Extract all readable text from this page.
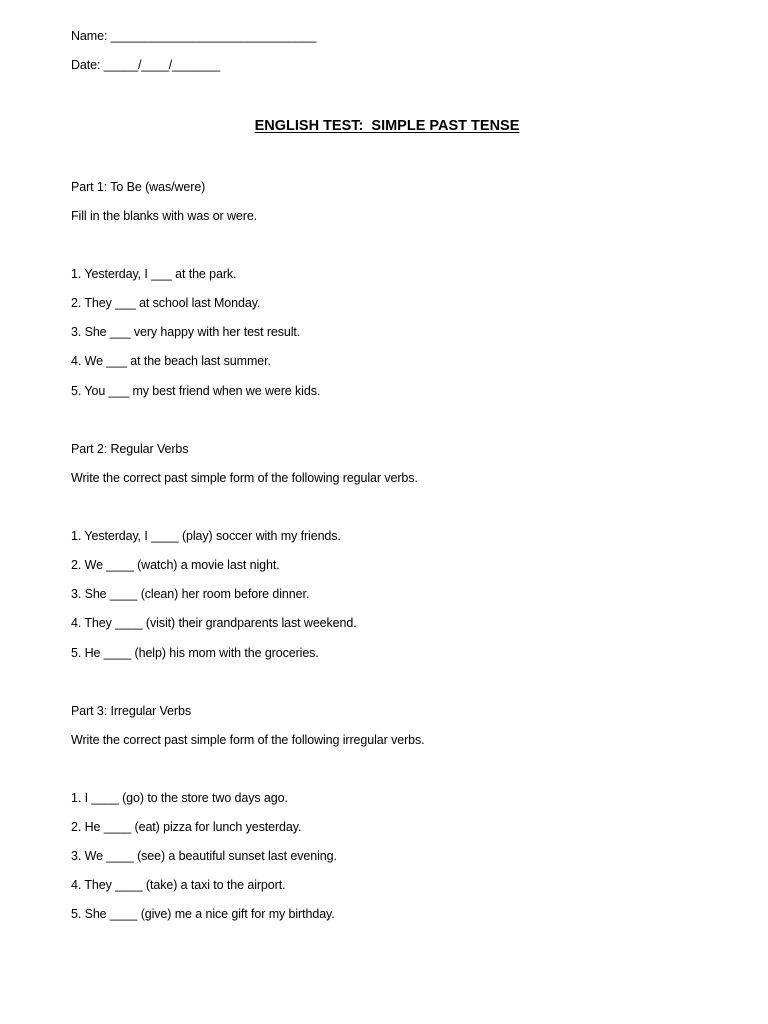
Name: ______________________________
Date: _____/____/_______
ENGLISH TEST:  SIMPLE PAST TENSE
Part 1: To Be (was/were)
Fill in the blanks with was or were.
1. Yesterday, I ___ at the park.
2. They ___ at school last Monday.
3. She ___ very happy with her test result.
4. We ___ at the beach last summer.
5. You ___ my best friend when we were kids.
Part 2: Regular Verbs
Write the correct past simple form of the following regular verbs.
1. Yesterday, I ____ (play) soccer with my friends.
2. We ____ (watch) a movie last night.
3. She ____ (clean) her room before dinner.
4. They ____ (visit) their grandparents last weekend.
5. He ____ (help) his mom with the groceries.
Part 3: Irregular Verbs
Write the correct past simple form of the following irregular verbs.
1. I ____ (go) to the store two days ago.
2. He ____ (eat) pizza for lunch yesterday.
3. We ____ (see) a beautiful sunset last evening.
4. They ____ (take) a taxi to the airport.
5. She ____ (give) me a nice gift for my birthday.
